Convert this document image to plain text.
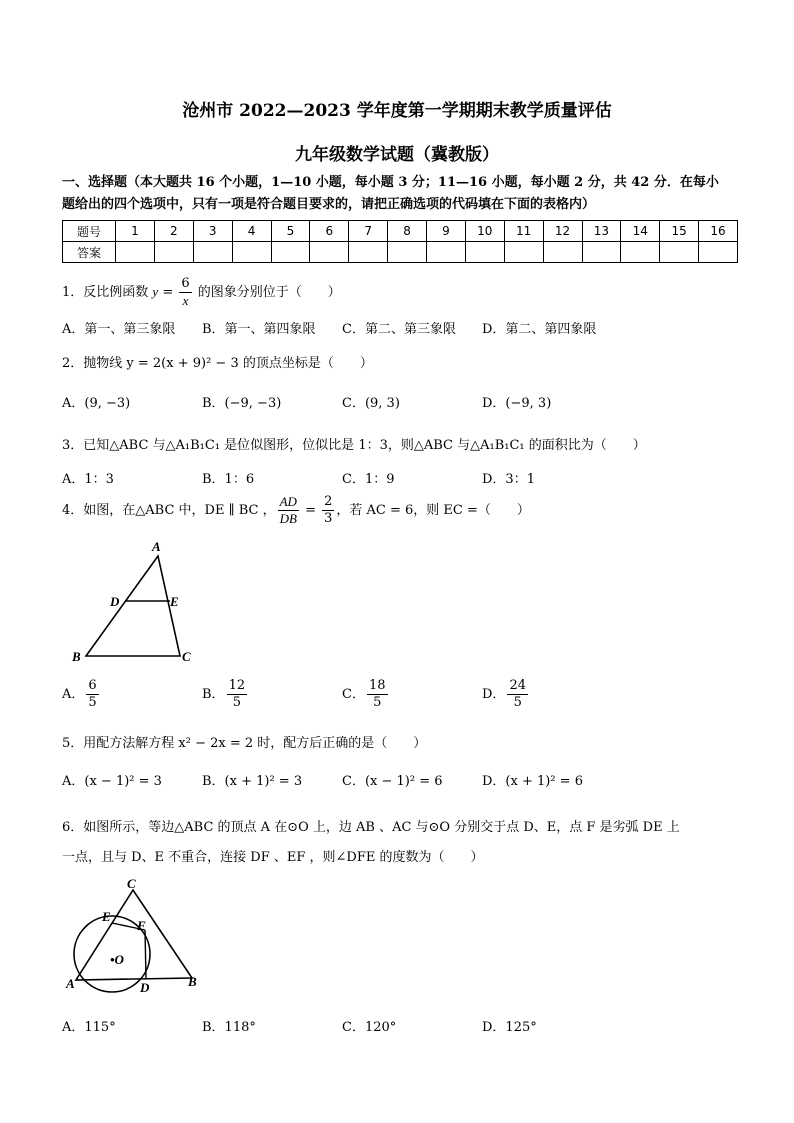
沧州市 2022—2023 学年度第一学期期末教学质量评估
九年级数学试题（冀教版）
一、选择题（本大题共 16 个小题，1—10 小题，每小题 3 分；11—16 小题，每小题 2 分，共 42 分．在每小
题给出的四个选项中，只有一项是符合题目要求的，请把正确选项的代码填在下面的表格内）
题号	1	2	3	4	5	6	7	8	9	10	11	12	13	14	15	16
答案																
1．反比例函数 $y = \frac{6}{x}$ 的图象分别位于（　　）
A．第一、第三象限 B．第一、第四象限 C．第二、第三象限 D．第二、第四象限
2．抛物线 y = 2(x + 9)² − 3 的顶点坐标是（　　）
A．(9, −3)	B．(−9, −3)	C．(9, 3)	D．(−9, 3)
3．已知△ABC 与△A₁B₁C₁ 是位似图形，位似比是 1：3，则△ABC 与△A₁B₁C₁ 的面积比为（　　）
A．1：3	B．1：6	C．1：9	D．3：1
4．如图，在△ABC 中，DE ∥ BC ， $\frac{AD}{DB} = \frac{2}{3}$ ，若 AC = 6，则 EC =（　　）
A
D	E
B	C
A． $\frac{6}{5}$	B． $\frac{12}{5}$	C． $\frac{18}{5}$	D． $\frac{24}{5}$
5．用配方法解方程 x² − 2x = 2 时，配方后正确的是（　　）
A．(x − 1)² = 3	B．(x + 1)² = 3	C．(x − 1)² = 6	D．(x + 1)² = 6
6．如图所示，等边△ABC 的顶点 A 在⊙O 上，边 AB 、AC 与⊙O 分别交于点 D、E，点 F 是劣弧 DE 上
一点，且与 D、E 不重合，连接 DF 、EF ，则∠DFE 的度数为（　　）
C
E
F
•O
A	D	B
A．115°	B．118°	C．120°	D．125°
